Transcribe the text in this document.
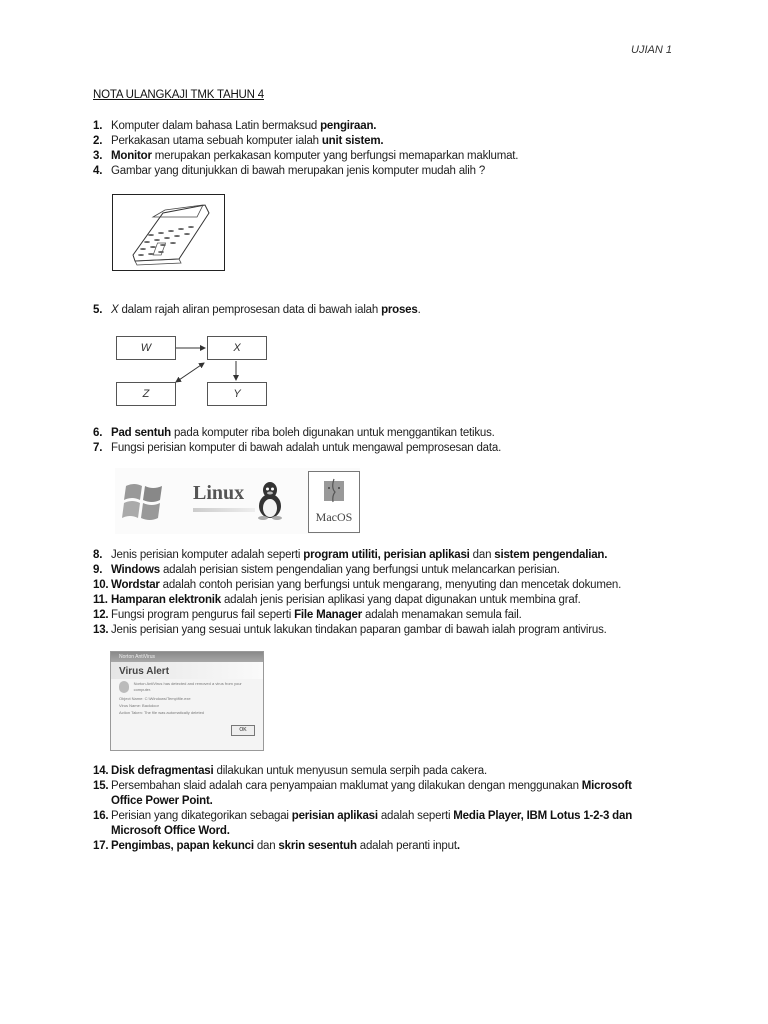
UJIAN 1
NOTA ULANGKAJI TMK TAHUN 4
1. Komputer dalam bahasa Latin bermaksud pengiraan.
2. Perkakasan utama sebuah komputer ialah unit sistem.
3. Monitor merupakan perkakasan komputer yang berfungsi memaparkan maklumat.
4. Gambar yang ditunjukkan di bawah merupakan jenis komputer mudah alih ?
5. X dalam rajah aliran pemprosesan data di bawah ialah proses.
6. Pad sentuh pada komputer riba boleh digunakan untuk menggantikan tetikus.
7. Fungsi perisian komputer di bawah adalah untuk mengawal pemprosesan data.
8. Jenis perisian komputer adalah seperti program utiliti, perisian aplikasi dan sistem pengendalian.
9. Windows adalah perisian sistem pengendalian yang berfungsi untuk melancarkan perisian.
10. Wordstar adalah contoh perisian yang berfungsi untuk mengarang, menyuting dan mencetak dokumen.
11. Hamparan elektronik adalah jenis perisian aplikasi yang dapat digunakan untuk membina graf.
12. Fungsi program pengurus fail seperti File Manager adalah menamakan semula fail.
13. Jenis perisian yang sesuai untuk lakukan tindakan paparan gambar di bawah ialah program antivirus.
14. Disk defragmentasi dilakukan untuk menyusun semula serpih pada cakera.
15. Persembahan slaid adalah cara penyampaian maklumat yang dilakukan dengan menggunakan Microsoft
Office Power Point.
16. Perisian yang dikategorikan sebagai perisian aplikasi adalah seperti Media Player, IBM Lotus 1-2-3 dan
Microsoft Office Word.
17. Pengimbas, papan kekunci dan skrin sesentuh adalah peranti input.
W	X
Z	Y
Linux
MacOS
Norton AntiVirus
Virus Alert
Norton AntiVirus has detected and removed a virus from your computer.
Object Name: C:\Windows\Temp\file.exe
Virus Name: Backdoor
Action Taken: The file was automatically deleted
OK
